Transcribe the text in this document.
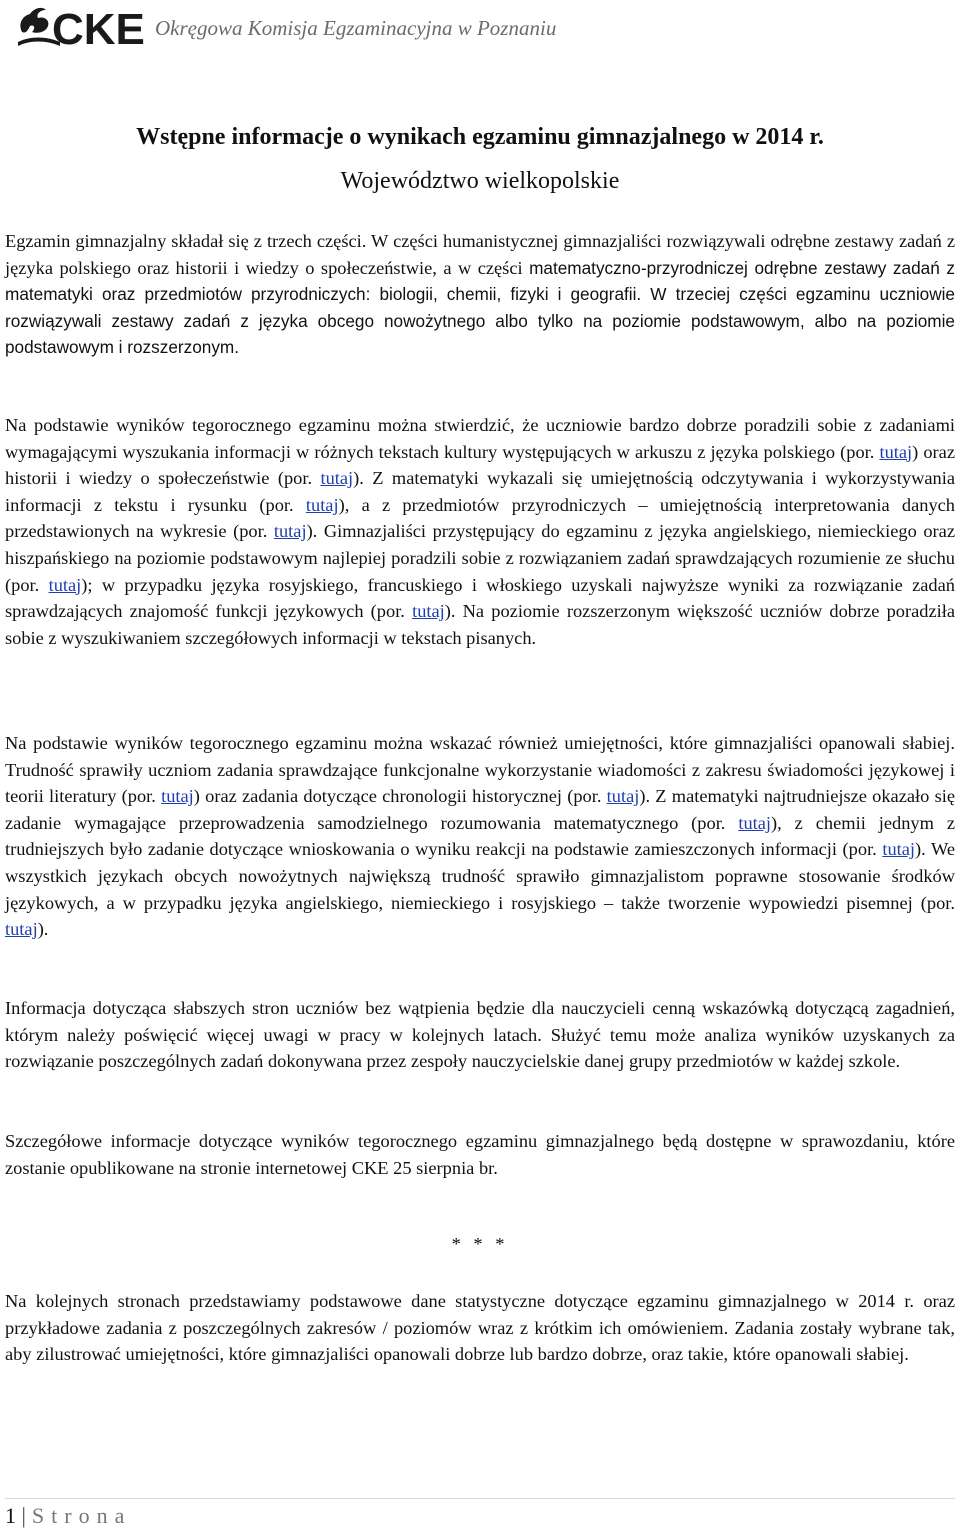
CKE Okręgowa Komisja Egzaminacyjna w Poznaniu
Wstępne informacje o wynikach egzaminu gimnazjalnego w 2014 r.
Województwo wielkopolskie
Egzamin gimnazjalny składał się z trzech części. W części humanistycznej gimnazjaliści rozwiązywali odrębne zestawy zadań z języka polskiego oraz historii i wiedzy o społeczeństwie, a w części matematyczno-przyrodniczej odrębne zestawy zadań z matematyki oraz przedmiotów przyrodniczych: biologii, chemii, fizyki i geografii. W trzeciej części egzaminu uczniowie rozwiązywali zestawy zadań z języka obcego nowożytnego albo tylko na poziomie podstawowym, albo na poziomie podstawowym i rozszerzonym.
Na podstawie wyników tegorocznego egzaminu można stwierdzić, że uczniowie bardzo dobrze poradzili sobie z zadaniami wymagającymi wyszukania informacji w różnych tekstach kultury występujących w arkuszu z języka polskiego (por. tutaj) oraz historii i wiedzy o społeczeństwie (por. tutaj). Z matematyki wykazali się umiejętnością odczytywania i wykorzystywania informacji z tekstu i rysunku (por. tutaj), a z przedmiotów przyrodniczych – umiejętnością interpretowania danych przedstawionych na wykresie (por. tutaj). Gimnazjaliści przystępujący do egzaminu z języka angielskiego, niemieckiego oraz hiszpańskiego na poziomie podstawowym najlepiej poradzili sobie z rozwiązaniem zadań sprawdzających rozumienie ze słuchu (por. tutaj); w przypadku języka rosyjskiego, francuskiego i włoskiego uzyskali najwyższe wyniki za rozwiązanie zadań sprawdzających znajomość funkcji językowych (por. tutaj). Na poziomie rozszerzonym większość uczniów dobrze poradziła sobie z wyszukiwaniem szczegółowych informacji w tekstach pisanych.
Na podstawie wyników tegorocznego egzaminu można wskazać również umiejętności, które gimnazjaliści opanowali słabiej. Trudność sprawiły uczniom zadania sprawdzające funkcjonalne wykorzystanie wiadomości z zakresu świadomości językowej i teorii literatury (por. tutaj) oraz zadania dotyczące chronologii historycznej (por. tutaj). Z matematyki najtrudniejsze okazało się zadanie wymagające przeprowadzenia samodzielnego rozumowania matematycznego (por. tutaj), z chemii jednym z trudniejszych było zadanie dotyczące wnioskowania o wyniku reakcji na podstawie zamieszczonych informacji (por. tutaj). We wszystkich językach obcych nowożytnych największą trudność sprawiło gimnazjalistom poprawne stosowanie środków językowych, a w przypadku języka angielskiego, niemieckiego i rosyjskiego – także tworzenie wypowiedzi pisemnej (por. tutaj).
Informacja dotycząca słabszych stron uczniów bez wątpienia będzie dla nauczycieli cenną wskazówką dotyczącą zagadnień, którym należy poświęcić więcej uwagi w pracy w kolejnych latach. Służyć temu może analiza wyników uzyskanych za rozwiązanie poszczególnych zadań dokonywana przez zespoły nauczycielskie danej grupy przedmiotów w każdej szkole.
Szczegółowe informacje dotyczące wyników tegorocznego egzaminu gimnazjalnego będą dostępne w sprawozdaniu, które zostanie opublikowane na stronie internetowej CKE 25 sierpnia br.
* * *
Na kolejnych stronach przedstawiamy podstawowe dane statystyczne dotyczące egzaminu gimnazjalnego w 2014 r. oraz przykładowe zadania z poszczególnych zakresów / poziomów wraz z krótkim ich omówieniem. Zadania zostały wybrane tak, aby zilustrować umiejętności, które gimnazjaliści opanowali dobrze lub bardzo dobrze, oraz takie, które opanowali słabiej.
1 | Strona
